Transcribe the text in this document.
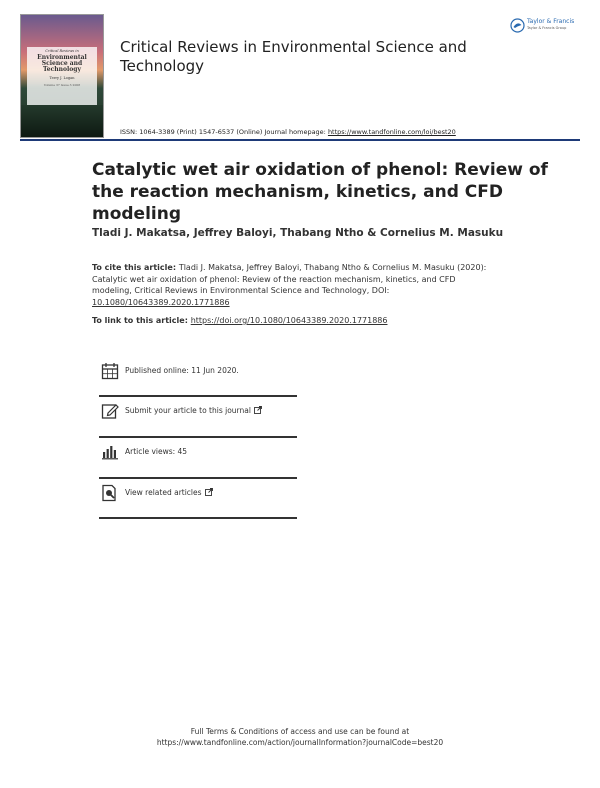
Critical Reviews in
Environmental
Science and
Technology
Terry J. Logan
Volume 37 Issue 3 2008
Critical Reviews in Environmental Science and Technology
ISSN: 1064-3389 (Print) 1547-6537 (Online) Journal homepage: https://www.tandfonline.com/loi/best20
Taylor & Francis
Taylor & Francis Group
Catalytic wet air oxidation of phenol: Review of the reaction mechanism, kinetics, and CFD modeling
Tladi J. Makatsa, Jeffrey Baloyi, Thabang Ntho & Cornelius M. Masuku
To cite this article: Tladi J. Makatsa, Jeffrey Baloyi, Thabang Ntho & Cornelius M. Masuku (2020): Catalytic wet air oxidation of phenol: Review of the reaction mechanism, kinetics, and CFD modeling, Critical Reviews in Environmental Science and Technology, DOI: 10.1080/10643389.2020.1771886
To link to this article: https://doi.org/10.1080/10643389.2020.1771886
Published online: 11 Jun 2020.
Submit your article to this journal
Article views: 45
View related articles
Full Terms & Conditions of access and use can be found at
https://www.tandfonline.com/action/journalInformation?journalCode=best20
